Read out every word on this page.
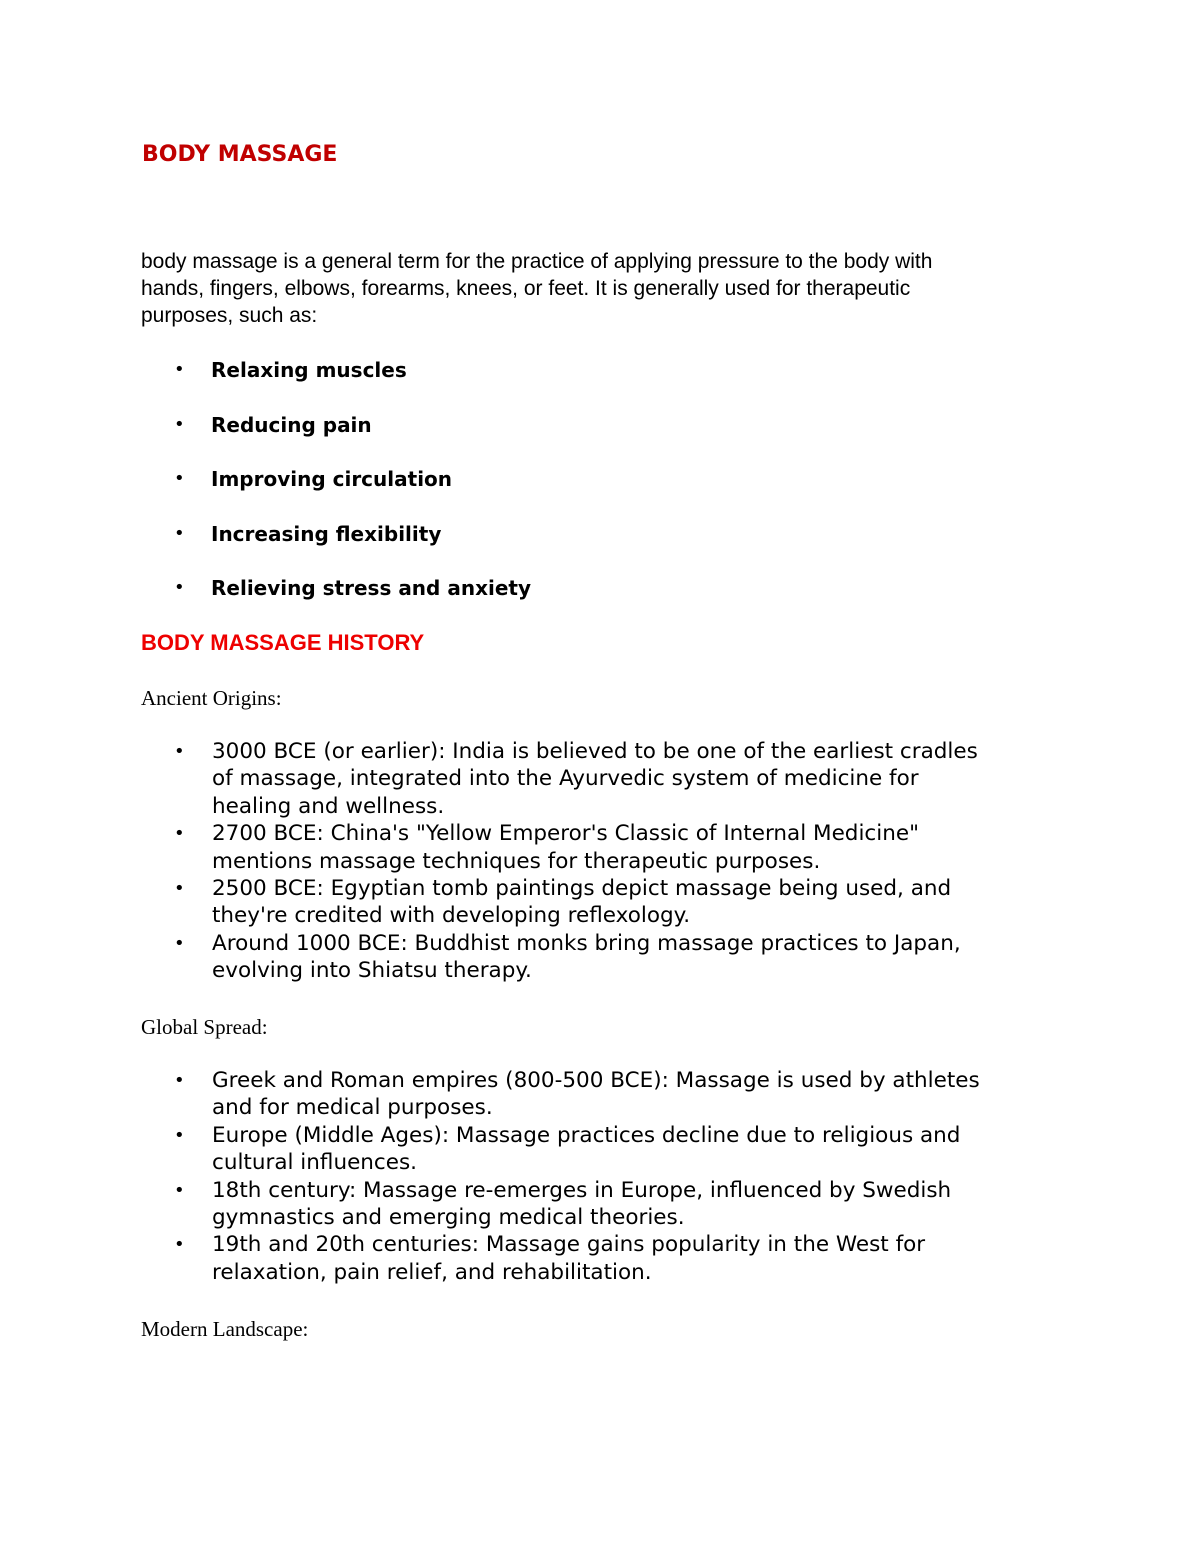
BODY MASSAGE

body massage is a general term for the practice of applying pressure to the body with
hands, fingers, elbows, forearms, knees, or feet. It is generally used for therapeutic
purposes, such as:

• Relaxing muscles
• Reducing pain
• Improving circulation
• Increasing flexibility
• Relieving stress and anxiety
BODY MASSAGE HISTORY

Ancient Origins:

• 3000 BCE (or earlier): India is believed to be one of the earliest cradles
of massage, integrated into the Ayurvedic system of medicine for
healing and wellness.
• 2700 BCE: China's "Yellow Emperor's Classic of Internal Medicine"
mentions massage techniques for therapeutic purposes.
• 2500 BCE: Egyptian tomb paintings depict massage being used, and
they're credited with developing reflexology.
• Around 1000 BCE: Buddhist monks bring massage practices to Japan,
evolving into Shiatsu therapy.

Global Spread:

• Greek and Roman empires (800-500 BCE): Massage is used by athletes
and for medical purposes.
• Europe (Middle Ages): Massage practices decline due to religious and
cultural influences.
• 18th century: Massage re-emerges in Europe, influenced by Swedish
gymnastics and emerging medical theories.
• 19th and 20th centuries: Massage gains popularity in the West for
relaxation, pain relief, and rehabilitation.

Modern Landscape:
